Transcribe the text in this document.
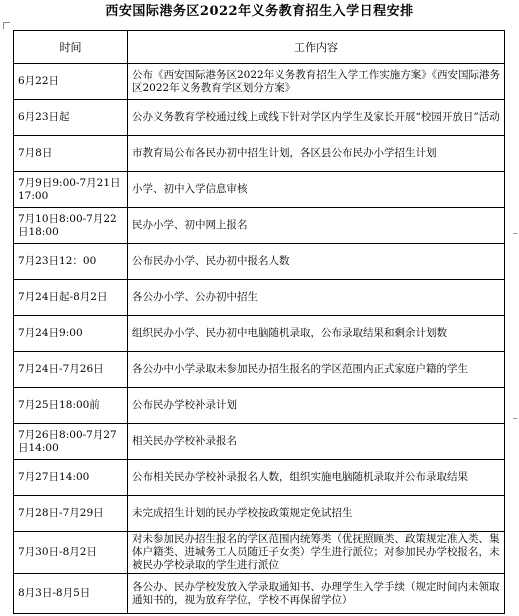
西安国际港务区2022年义务教育招生入学日程安排
时间	工作内容
6月22日	公布《西安国际港务区2022年义务教育招生入学工作实施方案》《西安国际港务区2022年义务教育学区划分方案》
6月23日起	公办义务教育学校通过线上或线下针对学区内学生及家长开展“校园开放日”活动
7月8日	市教育局公布各民办初中招生计划，各区县公布民办小学招生计划
7月9日9:00-7月21日17:00	小学、初中入学信息审核
7月10日8:00-7月22日18:00	民办小学、初中网上报名
7月23日12：00	公布民办小学、民办初中报名人数
7月24日起-8月2日	各公办小学、公办初中招生
7月24日9:00	组织民办小学、民办初中电脑随机录取，公布录取结果和剩余计划数
7月24日-7月26日	各公办中小学录取未参加民办招生报名的学区范围内正式家庭户籍的学生
7月25日18:00前	公布民办学校补录计划
7月26日8:00-7月27日14:00	相关民办学校补录报名
7月27日14:00	公布相关民办学校补录报名人数，组织实施电脑随机录取并公布录取结果
7月28日-7月29日	未完成招生计划的民办学校按政策规定免试招生
7月30日-8月2日	对未参加民办招生报名的学区范围内统筹类（优抚照顾类、政策规定准入类、集体户籍类、进城务工人员随迁子女类）学生进行派位；对参加民办学校报名，未被民办学校录取的学生进行派位
8月3日-8月5日	各公办、民办学校发放入学录取通知书、办理学生入学手续（规定时间内未领取通知书的，视为放弃学位，学校不再保留学位）
